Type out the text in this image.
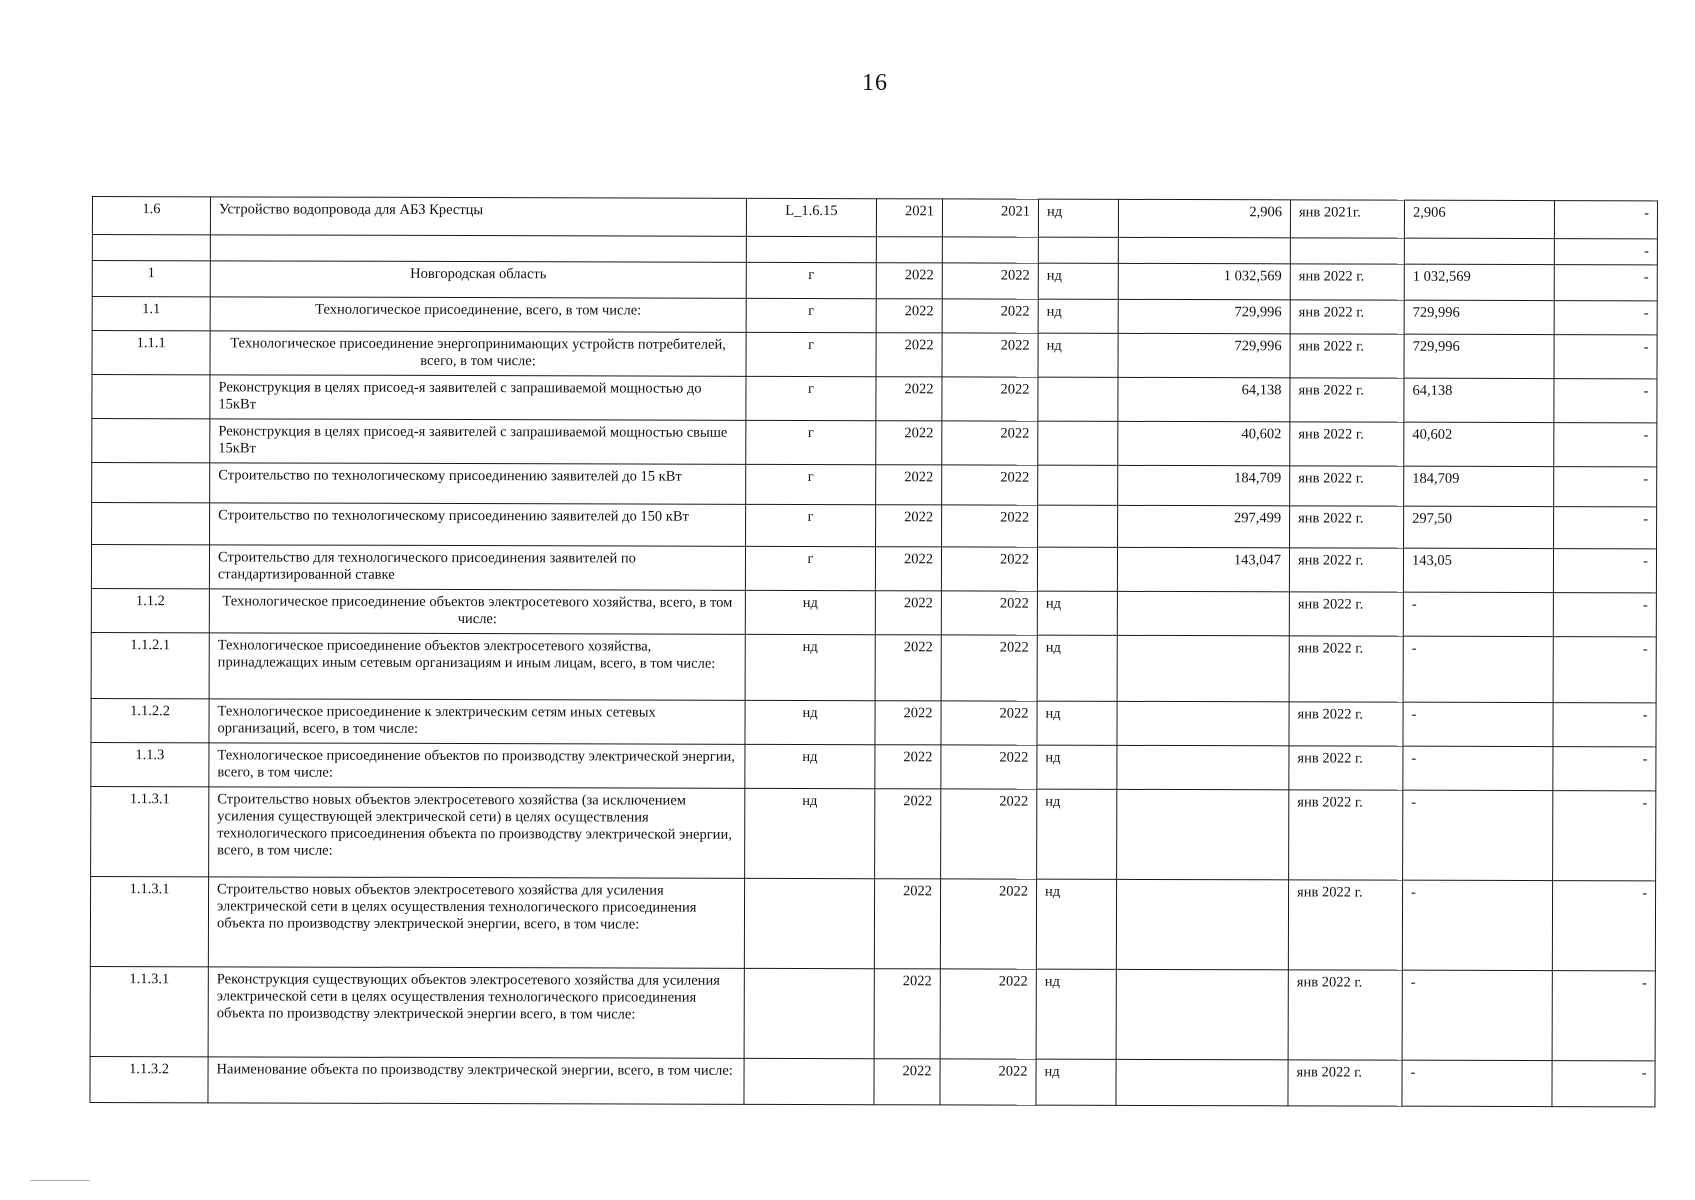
16
1.6	Устройство водопровода для АБЗ Крестцы	L_1.6.15	2021	2021	нд	2,906	янв 2021г.	2,906	-
									-
1	Новгородская область	г	2022	2022	нд	1 032,569	янв 2022 г.	1 032,569	-
1.1	Технологическое присоединение, всего, в том числе:	г	2022	2022	нд	729,996	янв 2022 г.	729,996	-
1.1.1	Технологическое присоединение энергопринимающих устройств потребителей, всего, в том числе:	г	2022	2022	нд	729,996	янв 2022 г.	729,996	-
	Реконструкция в целях присоед-я заявителей с запрашиваемой мощностью до 15кВт	г	2022	2022		64,138	янв 2022 г.	64,138	-
	Реконструкция в целях присоед-я заявителей с запрашиваемой мощностью свыше 15кВт	г	2022	2022		40,602	янв 2022 г.	40,602	-
	Строительство по технологическому присоединению заявителей до 15 кВт	г	2022	2022		184,709	янв 2022 г.	184,709	-
	Строительство по технологическому присоединению заявителей до 150 кВт	г	2022	2022		297,499	янв 2022 г.	297,50	-
	Строительство для технологического присоединения заявителей по стандартизированной ставке	г	2022	2022		143,047	янв 2022 г.	143,05	-
1.1.2	Технологическое присоединение объектов электросетевого хозяйства, всего, в том числе:	нд	2022	2022	нд		янв 2022 г.	-	-
1.1.2.1	Технологическое присоединение объектов электросетевого хозяйства, принадлежащих иным сетевым организациям и иным лицам, всего, в том числе:	нд	2022	2022	нд		янв 2022 г.	-	-
1.1.2.2	Технологическое присоединение к электрическим сетям иных сетевых организаций, всего, в том числе:	нд	2022	2022	нд		янв 2022 г.	-	-
1.1.3	Технологическое присоединение объектов по производству электрической энергии, всего, в том числе:	нд	2022	2022	нд		янв 2022 г.	-	-
1.1.3.1	Строительство новых объектов электросетевого хозяйства (за исключением усиления существующей электрической сети) в целях осуществления технологического присоединения объекта по производству электрической энергии, всего, в том числе:	нд	2022	2022	нд		янв 2022 г.	-	-
1.1.3.1	Строительство новых объектов электросетевого хозяйства для усиления электрической сети в целях осуществления технологического присоединения объекта по производству электрической энергии, всего, в том числе:		2022	2022	нд		янв 2022 г.	-	-
1.1.3.1	Реконструкция существующих объектов электросетевого хозяйства для усиления электрической сети в целях осуществления технологического присоединения объекта по производству электрической энергии всего, в том числе:		2022	2022	нд		янв 2022 г.	-	-
1.1.3.2	Наименование объекта по производству электрической энергии, всего, в том числе:		2022	2022	нд		янв 2022 г.	-	-
